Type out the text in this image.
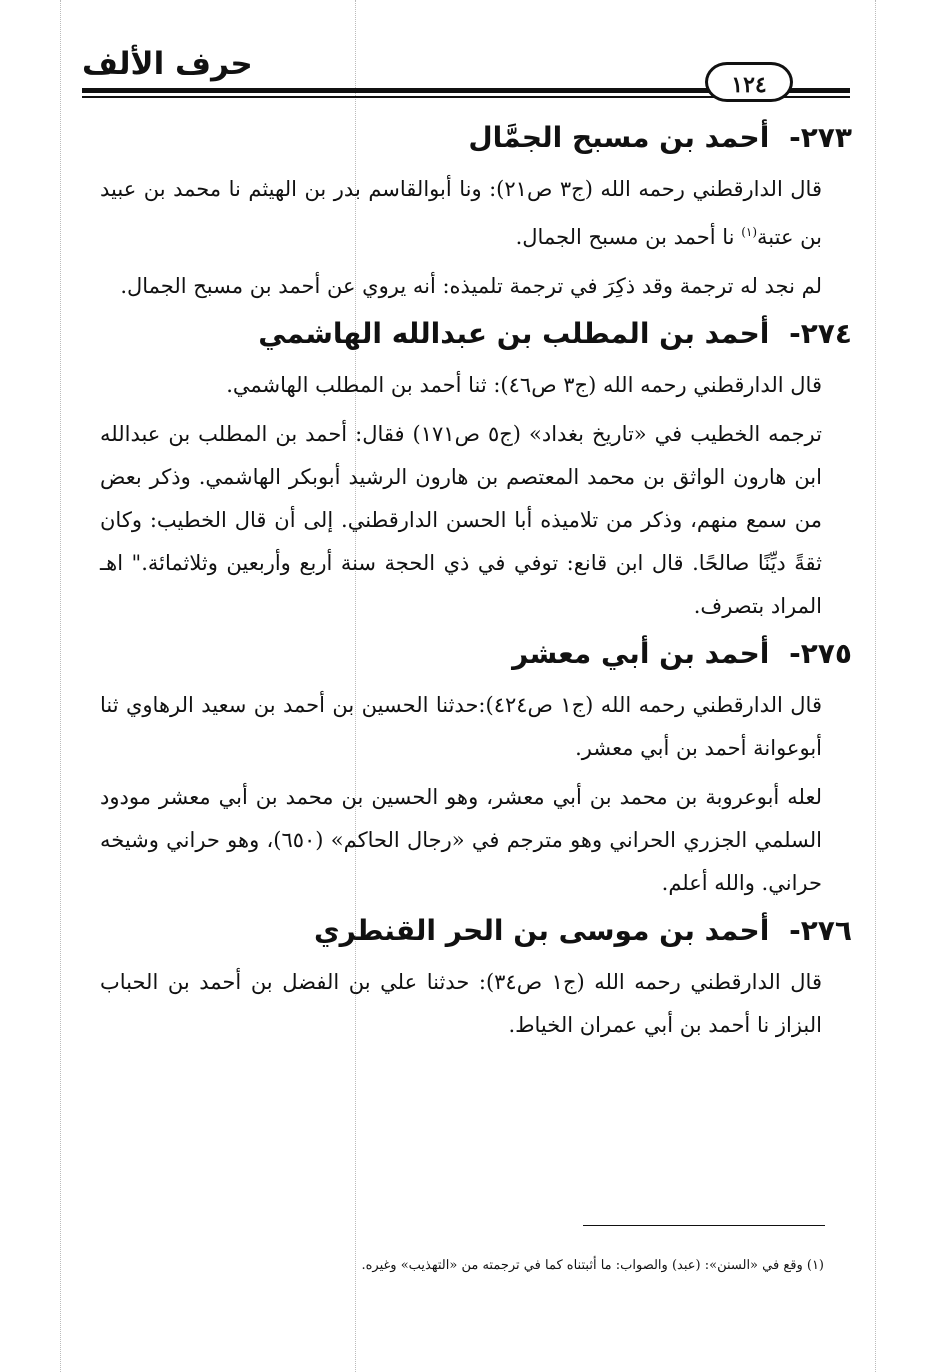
حرف الألف
١٢٤
٢٧٣- أحمد بن مسبح الجمَّال

قال الدارقطني رحمه الله (ج٣ ص٢١): ونا أبوالقاسم بدر بن الهيثم نا محمد بن عبيد بن عتبة$^{(١)}$ نا أحمد بن مسبح الجمال.

لم نجد له ترجمة وقد ذكِرَ في ترجمة تلميذه: أنه يروي عن أحمد بن مسبح الجمال.

٢٧٤- أحمد بن المطلب بن عبدالله الهاشمي

قال الدارقطني رحمه الله (ج٣ ص٤٦): ثنا أحمد بن المطلب الهاشمي.

ترجمه الخطيب في «تاريخ بغداد» (ج٥ ص١٧١) فقال: أحمد بن المطلب بن عبدالله ابن هارون الواثق بن محمد المعتصم بن هارون الرشيد أبوبكر الهاشمي. وذكر بعض من سمع منهم، وذكر من تلاميذه أبا الحسن الدارقطني. إلى أن قال الخطيب: وكان ثقةً ديِّنًا صالحًا. قال ابن قانع: توفي في ذي الحجة سنة أربع وأربعين وثلاثمائة." اهـ المراد بتصرف.

٢٧٥- أحمد بن أبي معشر

قال الدارقطني رحمه الله (ج١ ص٤٢٤):حدثنا الحسين بن أحمد بن سعيد الرهاوي ثنا أبوعوانة أحمد بن أبي معشر.

لعله أبوعروبة بن محمد بن أبي معشر، وهو الحسين بن محمد بن أبي معشر مودود السلمي الجزري الحراني وهو مترجم في «رجال الحاكم» (٦٥٠)، وهو حراني وشيخه حراني. والله أعلم.

٢٧٦- أحمد بن موسى بن الحر القنطري

قال الدارقطني رحمه الله (ج١ ص٣٤): حدثنا علي بن الفضل بن أحمد بن الحباب البزاز نا أحمد بن أبي عمران الخياط.

(١) وقع في «السنن»: (عبد) والصواب: ما أثبتناه كما في ترجمته من «التهذيب» وغيره.
